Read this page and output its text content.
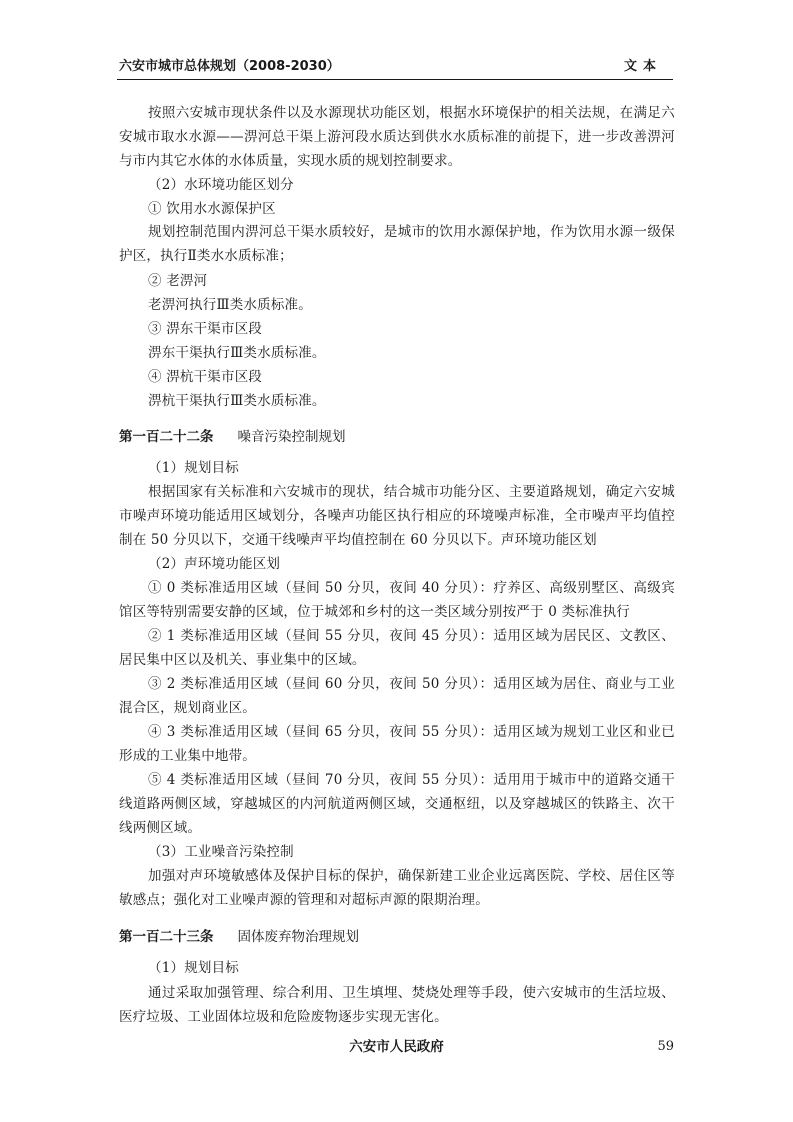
六安市城市总体规划（2008-2030）	文本
按照六安城市现状条件以及水源现状功能区划，根据水环境保护的相关法规，在满足六
安城市取水水源——淠河总干渠上游河段水质达到供水水质标准的前提下，进一步改善淠河
与市内其它水体的水体质量，实现水质的规划控制要求。
（2）水环境功能区划分
① 饮用水水源保护区
规划控制范围内淠河总干渠水质较好，是城市的饮用水源保护地，作为饮用水源一级保
护区，执行Ⅱ类水水质标准；
② 老淠河
老淠河执行Ⅲ类水质标准。
③ 淠东干渠市区段
淠东干渠执行Ⅲ类水质标准。
④ 淠杭干渠市区段
淠杭干渠执行Ⅲ类水质标准。
第一百二十二条 噪音污染控制规划
（1）规划目标
根据国家有关标准和六安城市的现状，结合城市功能分区、主要道路规划，确定六安城
市噪声环境功能适用区域划分，各噪声功能区执行相应的环境噪声标准，全市噪声平均值控
制在 50 分贝以下，交通干线噪声平均值控制在 60 分贝以下。声环境功能区划
（2）声环境功能区划
① 0 类标准适用区域（昼间 50 分贝，夜间 40 分贝）：疗养区、高级别墅区、高级宾
馆区等特别需要安静的区域，位于城郊和乡村的这一类区域分别按严于 0 类标准执行
② 1 类标准适用区域（昼间 55 分贝，夜间 45 分贝）：适用区域为居民区、文教区、
居民集中区以及机关、事业集中的区域。
③ 2 类标准适用区域（昼间 60 分贝，夜间 50 分贝）：适用区域为居住、商业与工业
混合区，规划商业区。
④ 3 类标准适用区域（昼间 65 分贝，夜间 55 分贝）：适用区域为规划工业区和业已
形成的工业集中地带。
⑤ 4 类标准适用区域（昼间 70 分贝，夜间 55 分贝）：适用用于城市中的道路交通干
线道路两侧区域，穿越城区的内河航道两侧区域，交通枢纽，以及穿越城区的铁路主、次干
线两侧区域。
（3）工业噪音污染控制
加强对声环境敏感体及保护目标的保护，确保新建工业企业远离医院、学校、居住区等
敏感点；强化对工业噪声源的管理和对超标声源的限期治理。
第一百二十三条 固体废弃物治理规划
（1）规划目标
通过采取加强管理、综合利用、卫生填埋、焚烧处理等手段，使六安城市的生活垃圾、
医疗垃圾、工业固体垃圾和危险废物逐步实现无害化。
六安市人民政府	59
